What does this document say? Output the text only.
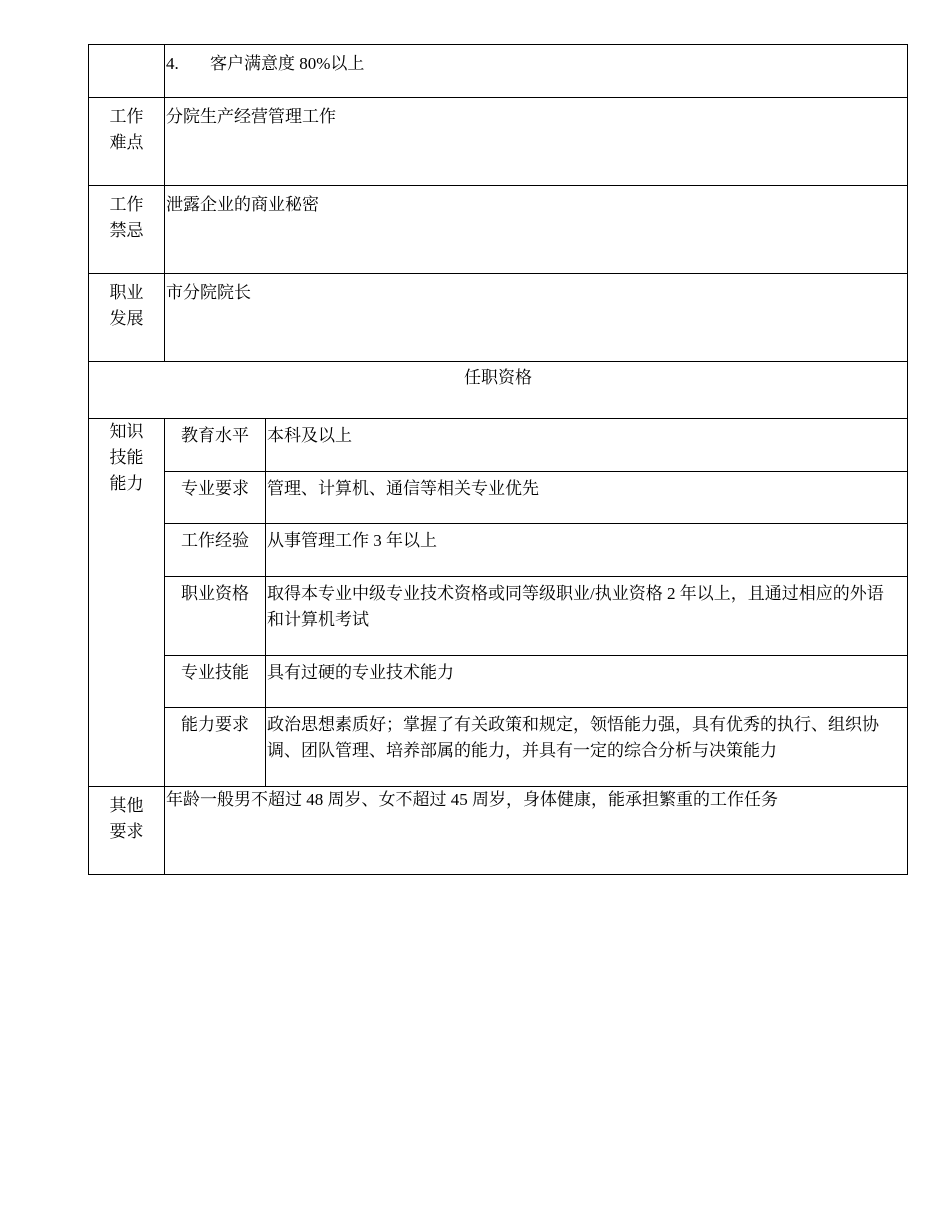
	4. 客户满意度 80%以上	

工作
难点	分院生产经营管理工作	

工作
禁忌	泄露企业的商业秘密	

职业
发展	市分院院长	
任职资格		

知识
技能
能力	教育水平	本科及以上
	专业要求	管理、计算机、通信等相关专业优先
	工作经验	从事管理工作 3 年以上
	职业资格	取得本专业中级专业技术资格或同等级职业/执业资格 2 年以上，且通过相应的外语和计算机考试
	专业技能	具有过硬的专业技术能力
	能力要求	政治思想素质好；掌握了有关政策和规定，领悟能力强，具有优秀的执行、组织协调、团队管理、培养部属的能力，并具有一定的综合分析与决策能力

其他
要求	年龄一般男不超过 48 周岁、女不超过 45 周岁，身体健康，能承担繁重的工作任务	
